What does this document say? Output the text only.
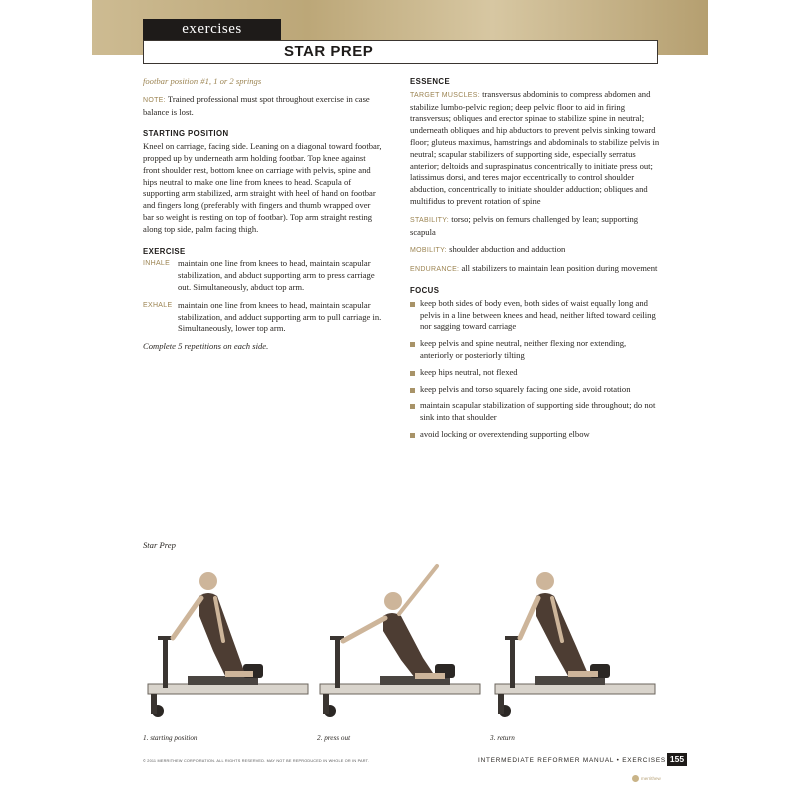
exercises
STAR PREP

footbar position #1, 1 or 2 springs

NOTE: Trained professional must spot throughout exercise in case balance is lost.

STARTING POSITION

Kneel on carriage, facing side. Leaning on a diagonal toward footbar, propped up by underneath arm holding footbar. Top knee against front shoulder rest, bottom knee on carriage with pelvis, spine and hips neutral to make one line from knees to head. Scapula of supporting arm stabilized, arm straight with heel of hand on footbar and fingers long (preferably with fingers and thumb wrapped over bar so weight is resting on top of footbar). Top arm straight resting along top side, palm facing thigh.

EXERCISE
INHALE maintain one line from knees to head, maintain scapular stabilization, and abduct supporting arm to press carriage out. Simultaneously, abduct top arm.
EXHALE maintain one line from knees to head, maintain scapular stabilization, and adduct supporting arm to pull carriage in. Simultaneously, lower top arm.

Complete 5 repetitions on each side.

ESSENCE

TARGET MUSCLES: transversus abdominis to compress abdomen and stabilize lumbo-pelvic region; deep pelvic floor to aid in firing transversus; obliques and erector spinae to stabilize spine in neutral; underneath obliques and hip abductors to prevent pelvis sinking toward floor; gluteus maximus, hamstrings and abdominals to stabilize pelvis in neutral; scapular stabilizers of supporting side, especially serratus anterior; deltoids and supraspinatus concentrically to initiate press out; latissimus dorsi, and teres major eccentrically to control shoulder abduction, concentrically to initiate shoulder adduction; obliques and multifidus to prevent rotation of spine

STABILITY: torso; pelvis on femurs challenged by lean; supporting scapula

MOBILITY: shoulder abduction and adduction

ENDURANCE: all stabilizers to maintain lean position during movement

FOCUS
keep both sides of body even, both sides of waist equally long and pelvis in a line between knees and head, neither lifted toward ceiling nor sagging toward carriage
keep pelvis and spine neutral, neither flexing nor extending, anteriorly or posteriorly tilting
keep hips neutral, not flexed
keep pelvis and torso squarely facing one side, avoid rotation
maintain scapular stabilization of supporting side throughout; do not sink into that shoulder
avoid locking or overextending supporting elbow
Star Prep
1. starting position	2. press out	3. return
© 2011 MERRITHEW CORPORATION. ALL RIGHTS RESERVED. MAY NOT BE REPRODUCED IN WHOLE OR IN PART.	INTERMEDIATE REFORMER MANUAL • EXERCISES 155
merrithew
